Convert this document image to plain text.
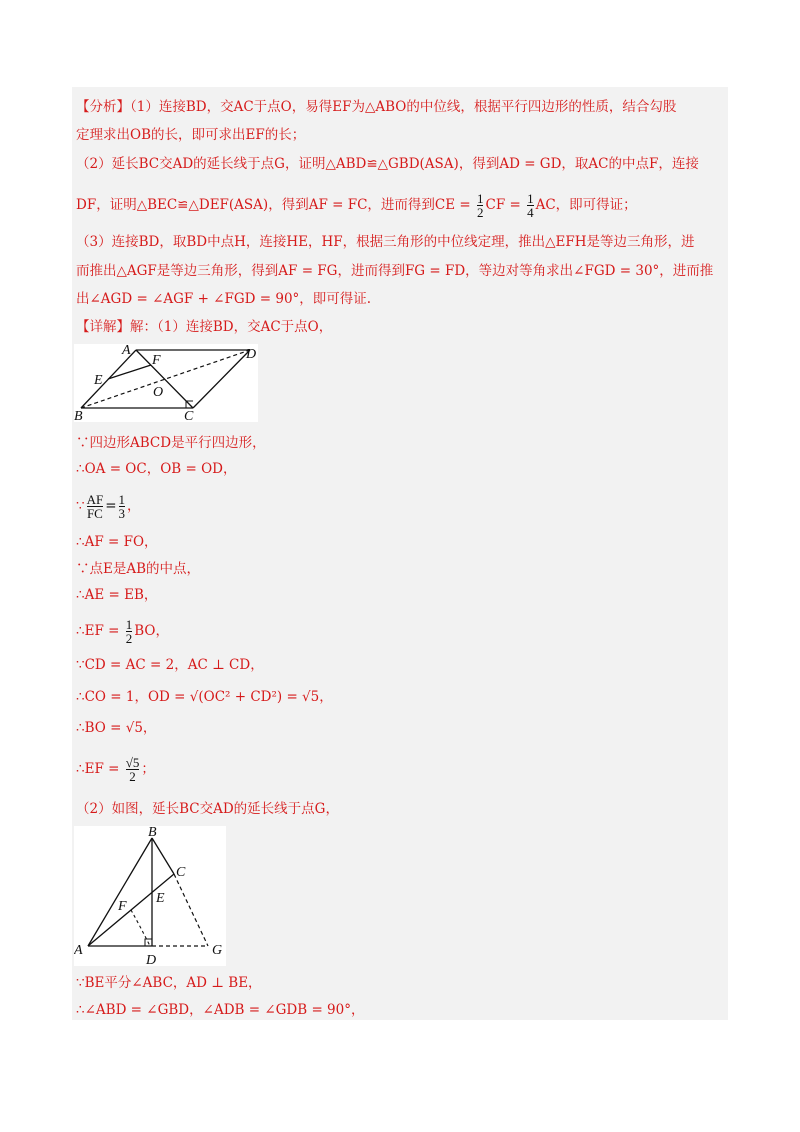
【分析】（1）连接BD，交AC于点O，易得EF为△ABO的中位线，根据平行四边形的性质，结合勾股
定理求出OB的长，即可求出EF的长；
（2）延长BC交AD的延长线于点G，证明△ABD≌△GBD(ASA)，得到AD = GD，取AC的中点F，连接
DF，证明△BEC≌△DEF(ASA)，得到AF = FC，进而得到CE = $\frac{1}{2}$ CF = $\frac{1}{4}$ AC，即可得证；
（3）连接BD，取BD中点H，连接HE，HF，根据三角形的中位线定理，推出△EFH是等边三角形，进
而推出△AGF是等边三角形，得到AF = FG，进而得到FG = FD，等边对等角求出∠FGD = 30°，进而推
出∠AGD = ∠AGF + ∠FGD = 90°，即可得证.
【详解】解：（1）连接BD，交AC于点O，
A
F	D
E
O
B	C
∵四边形ABCD是平行四边形，
∴OA = OC，OB = OD，
∵ $\frac{AF}{FC} = \frac{1}{3}$ ，
∴AF = FO，
∵点E是AB的中点，
∴AE = EB，
∴EF = $\frac{1}{2}$ BO，
∵CD = AC = 2，AC ⊥ CD，
∴CO = 1，OD = √(OC² + CD²) = √5，
∴BO = √5，
∴EF = $\frac{√5}{2}$ ；
（2）如图，延长BC交AD的延长线于点G，
B
C
E
F
A
D
G
∵BE平分∠ABC，AD ⊥ BE，
∴∠ABD = ∠GBD，∠ADB = ∠GDB = 90°，
